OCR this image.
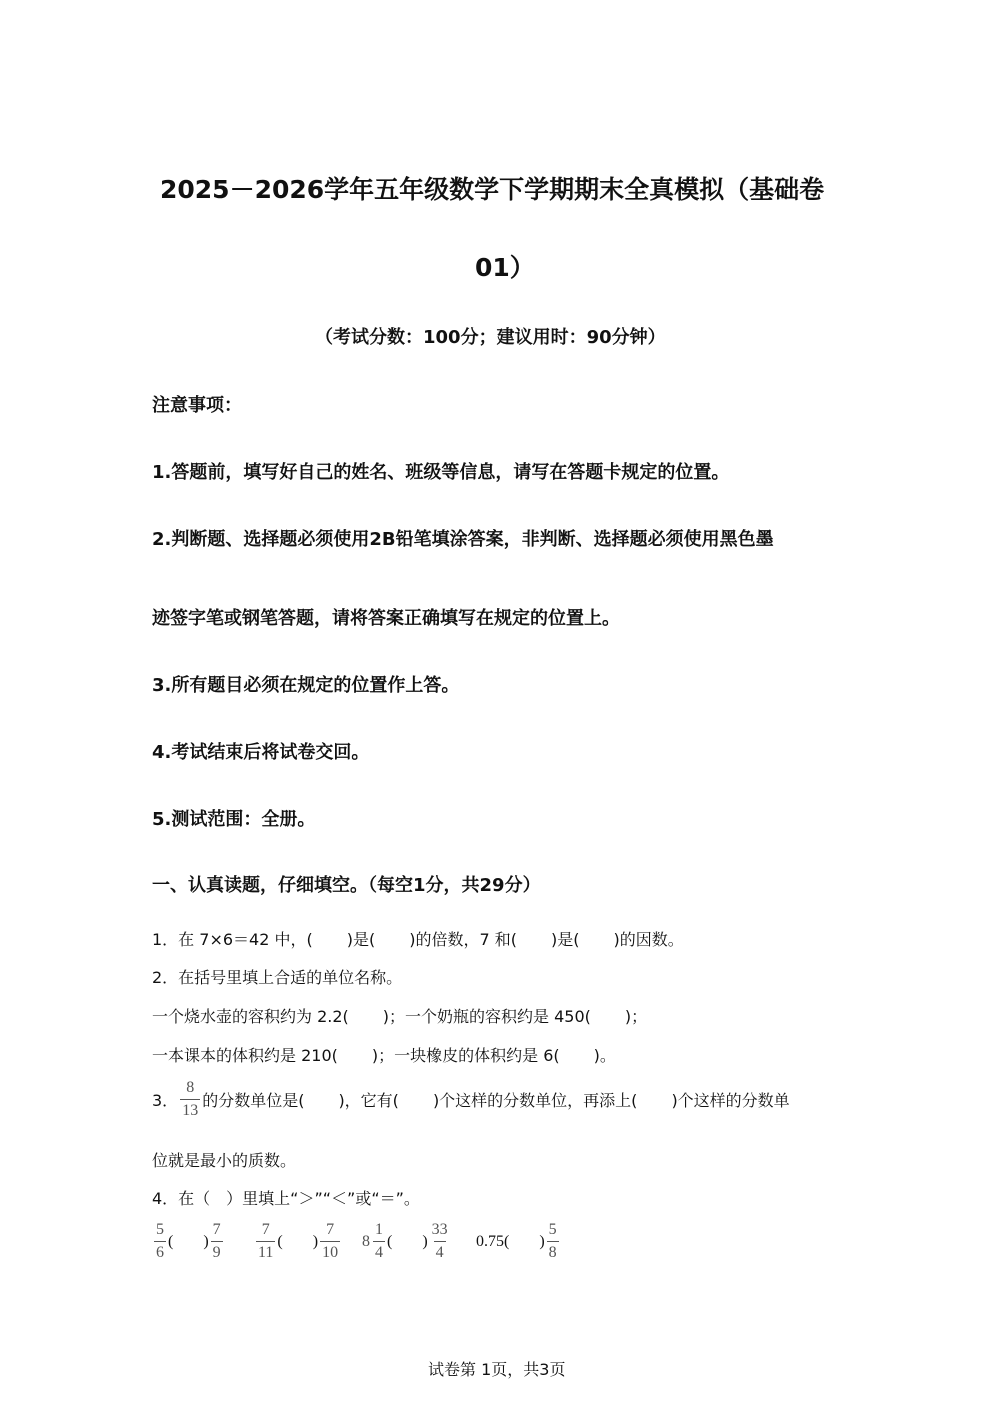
2025－2026学年五年级数学下学期期末全真模拟（基础卷
01）
（考试分数：100分；建议用时：90分钟）
注意事项：
1.答题前，填写好自己的姓名、班级等信息，请写在答题卡规定的位置。
2.判断题、选择题必须使用2B铅笔填涂答案，非判断、选择题必须使用黑色墨
迹签字笔或钢笔答题，请将答案正确填写在规定的位置上。
3.所有题目必须在规定的位置作上答。
4.考试结束后将试卷交回。
5.测试范围：全册。
一、认真读题，仔细填空。（每空1分，共29分）
1．在 7×6＝42 中，( )是( )的倍数，7 和( )是( )的因数。
2．在括号里填上合适的单位名称。
一个烧水壶的容积约为 2.2( )；一个奶瓶的容积约是 450( )；
一本课本的体积约是 210( )；一块橡皮的体积约是 6( )。
3． $\frac{8}{13}$ 的分数单位是( )，它有( )个这样的分数单位，再添上( )个这样的分数单
位就是最小的质数。
4．在（　）里填上“＞”“＜”或“＝”。
$\frac{5}{6}$ ( ) $\frac{7}{9} \frac{7}{11}$ ( ) $\frac{7}{10} 8 \frac{1}{4}$ ( ) $\frac{33}{4} 0.75$ ( ) $\frac{5}{8}$
试卷第 1页，共3页
